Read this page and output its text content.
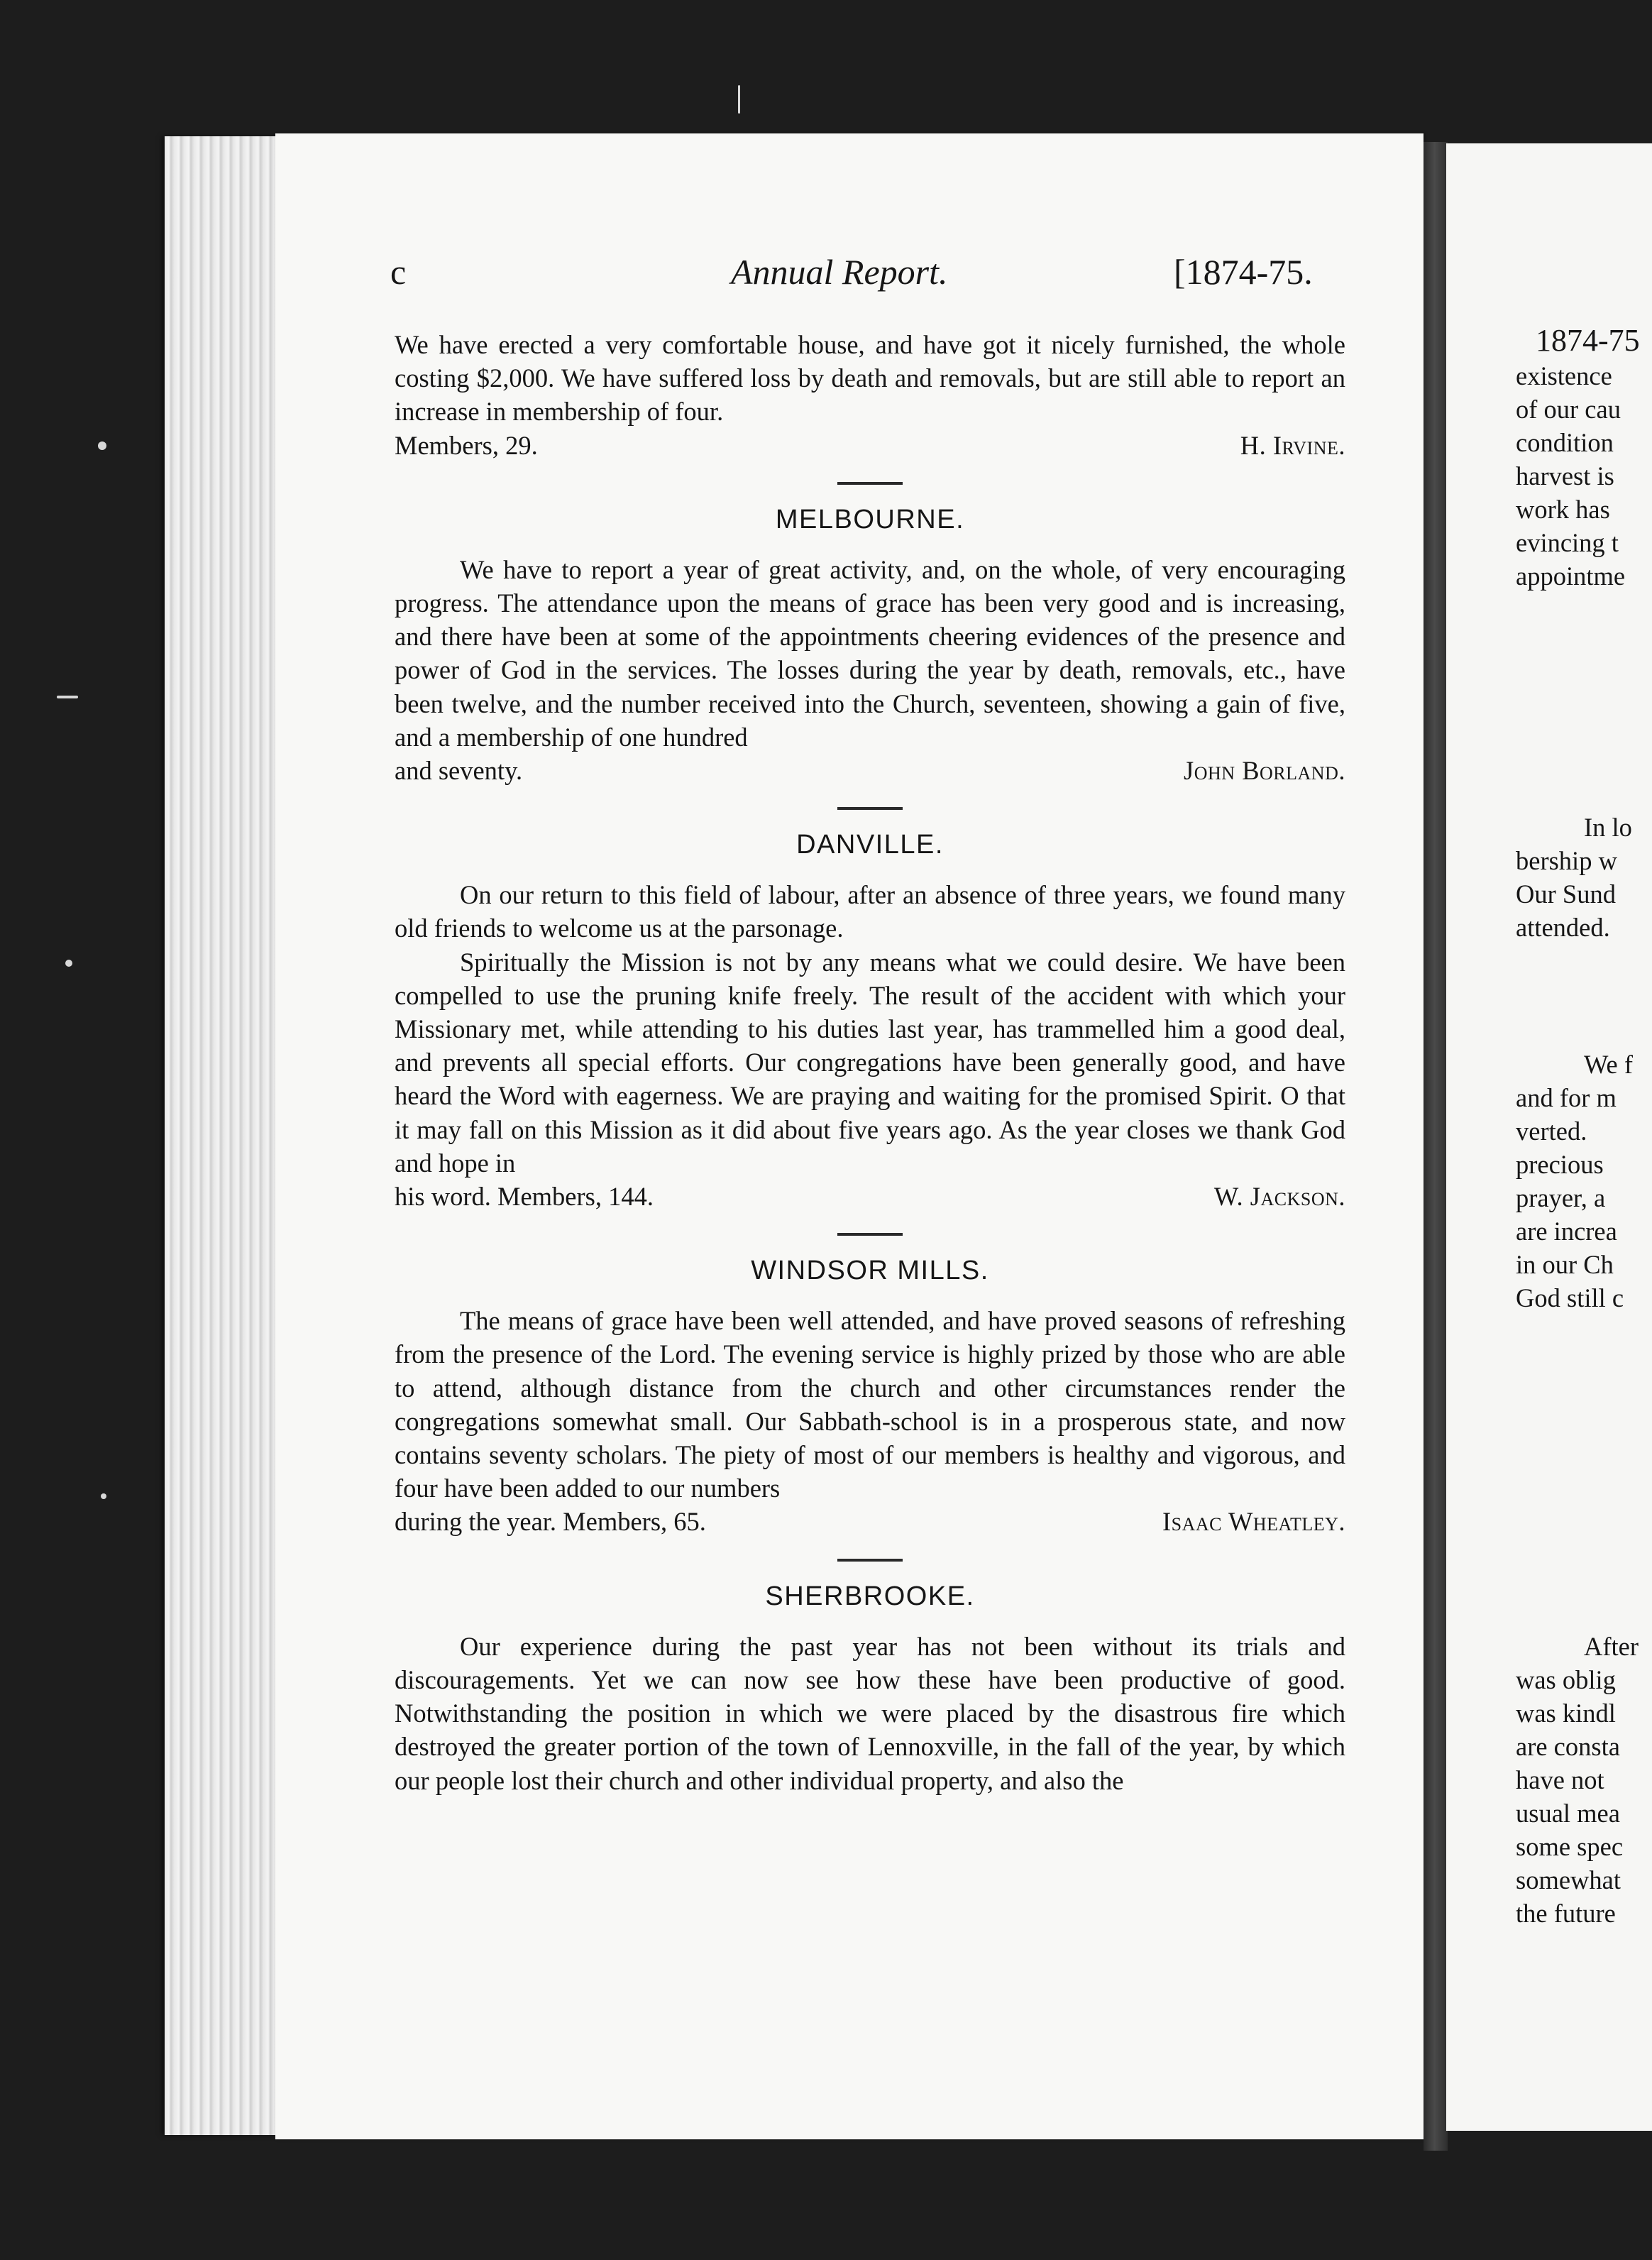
c	Annual Report.	[1874-75.

We have erected a very comfortable house, and have got it nicely furnished, the whole costing $2,000. We have suffered loss by death and removals, but are still able to report an increase in membership of four.

Members, 29.	H. Irvine.
MELBOURNE.

We have to report a year of great activity, and, on the whole, of very encouraging progress. The attendance upon the means of grace has been very good and is increasing, and there have been at some of the appointments cheering evidences of the presence and power of God in the services. The losses during the year by death, removals, etc., have been twelve, and the number received into the Church, seventeen, showing a gain of five, and a membership of one hundred

and seventy.	John Borland.
DANVILLE.

On our return to this field of labour, after an absence of three years, we found many old friends to welcome us at the parsonage.

Spiritually the Mission is not by any means what we could desire. We have been compelled to use the pruning knife freely. The result of the accident with which your Missionary met, while attending to his duties last year, has trammelled him a good deal, and prevents all special efforts. Our congregations have been generally good, and have heard the Word with eagerness. We are praying and waiting for the promised Spirit. O that it may fall on this Mission as it did about five years ago. As the year closes we thank God and hope in

his word. Members, 144.	W. Jackson.
WINDSOR MILLS.

The means of grace have been well attended, and have proved seasons of refreshing from the presence of the Lord. The evening service is highly prized by those who are able to attend, although distance from the church and other circumstances render the congregations somewhat small. Our Sabbath-school is in a prosperous state, and now contains seventy scholars. The piety of most of our members is healthy and vigorous, and four have been added to our numbers

during the year. Members, 65.	Isaac Wheatley.
SHERBROOKE.

Our experience during the past year has not been without its trials and discouragements. Yet we can now see how these have been productive of good. Notwithstanding the position in which we were placed by the disastrous fire which destroyed the greater portion of the town of Lennoxville, in the fall of the year, by which our people lost their church and other individual property, and also the

1874-75
existence
of our cau
condition
harvest is
work has
evincing t
appointme
In lo
bership w
Our Sund
attended.
We f
and for m
verted.
precious
prayer, a
are increa
in our Ch
God still c
After
was oblig
was kindl
are consta
have not
usual mea
some spec
somewhat
the future
